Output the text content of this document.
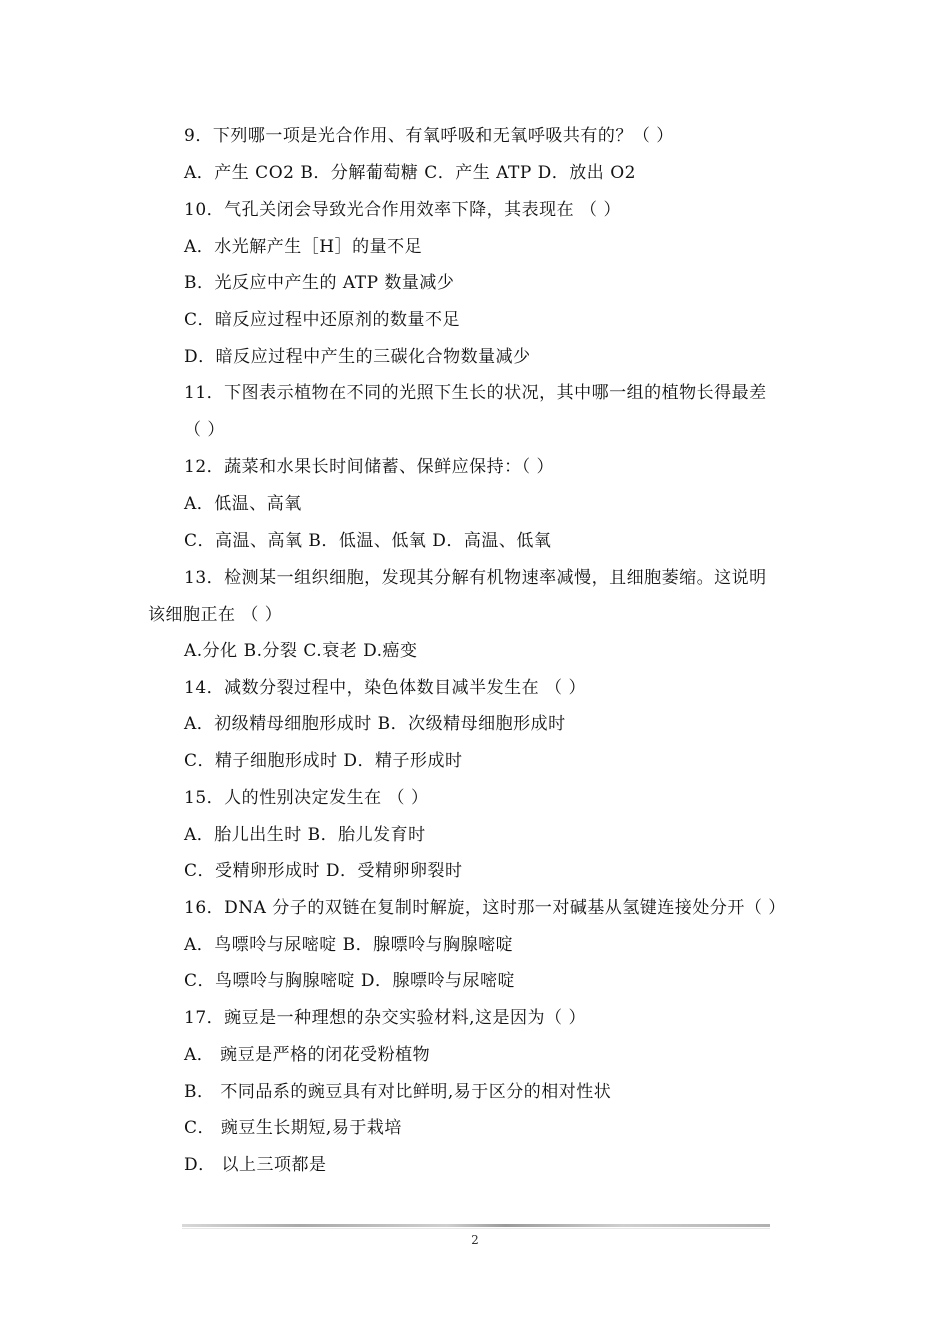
9．下列哪一项是光合作用、有氧呼吸和无氧呼吸共有的？（ ）
A．产生 CO2 B．分解葡萄糖 C．产生 ATP D．放出 O2
10．气孔关闭会导致光合作用效率下降，其表现在 （ ）
A．水光解产生［H］的量不足
B．光反应中产生的 ATP 数量减少
C．暗反应过程中还原剂的数量不足
D．暗反应过程中产生的三碳化合物数量减少
11．下图表示植物在不同的光照下生长的状况，其中哪一组的植物长得最差
（ ）
12．蔬菜和水果长时间储蓄、保鲜应保持：（ ）
A．低温、高氧
C．高温、高氧 B．低温、低氧 D．高温、低氧
13．检测某一组织细胞，发现其分解有机物速率减慢，且细胞萎缩。这说明
该细胞正在 （ ）
A.分化 B.分裂 C.衰老 D.癌变
14．减数分裂过程中，染色体数目减半发生在 （ ）
A．初级精母细胞形成时 B．次级精母细胞形成时
C．精子细胞形成时 D．精子形成时
15．人的性别决定发生在 （ ）
A．胎儿出生时 B．胎儿发育时
C．受精卵形成时 D．受精卵卵裂时
16．DNA 分子的双链在复制时解旋，这时那一对碱基从氢键连接处分开（ ）
A．鸟嘌呤与尿嘧啶 B．腺嘌呤与胸腺嘧啶
C．鸟嘌呤与胸腺嘧啶 D．腺嘌呤与尿嘧啶
17．豌豆是一种理想的杂交实验材料,这是因为（ ）
A． 豌豆是严格的闭花受粉植物
B． 不同品系的豌豆具有对比鲜明,易于区分的相对性状
C． 豌豆生长期短,易于栽培
D． 以上三项都是
2
